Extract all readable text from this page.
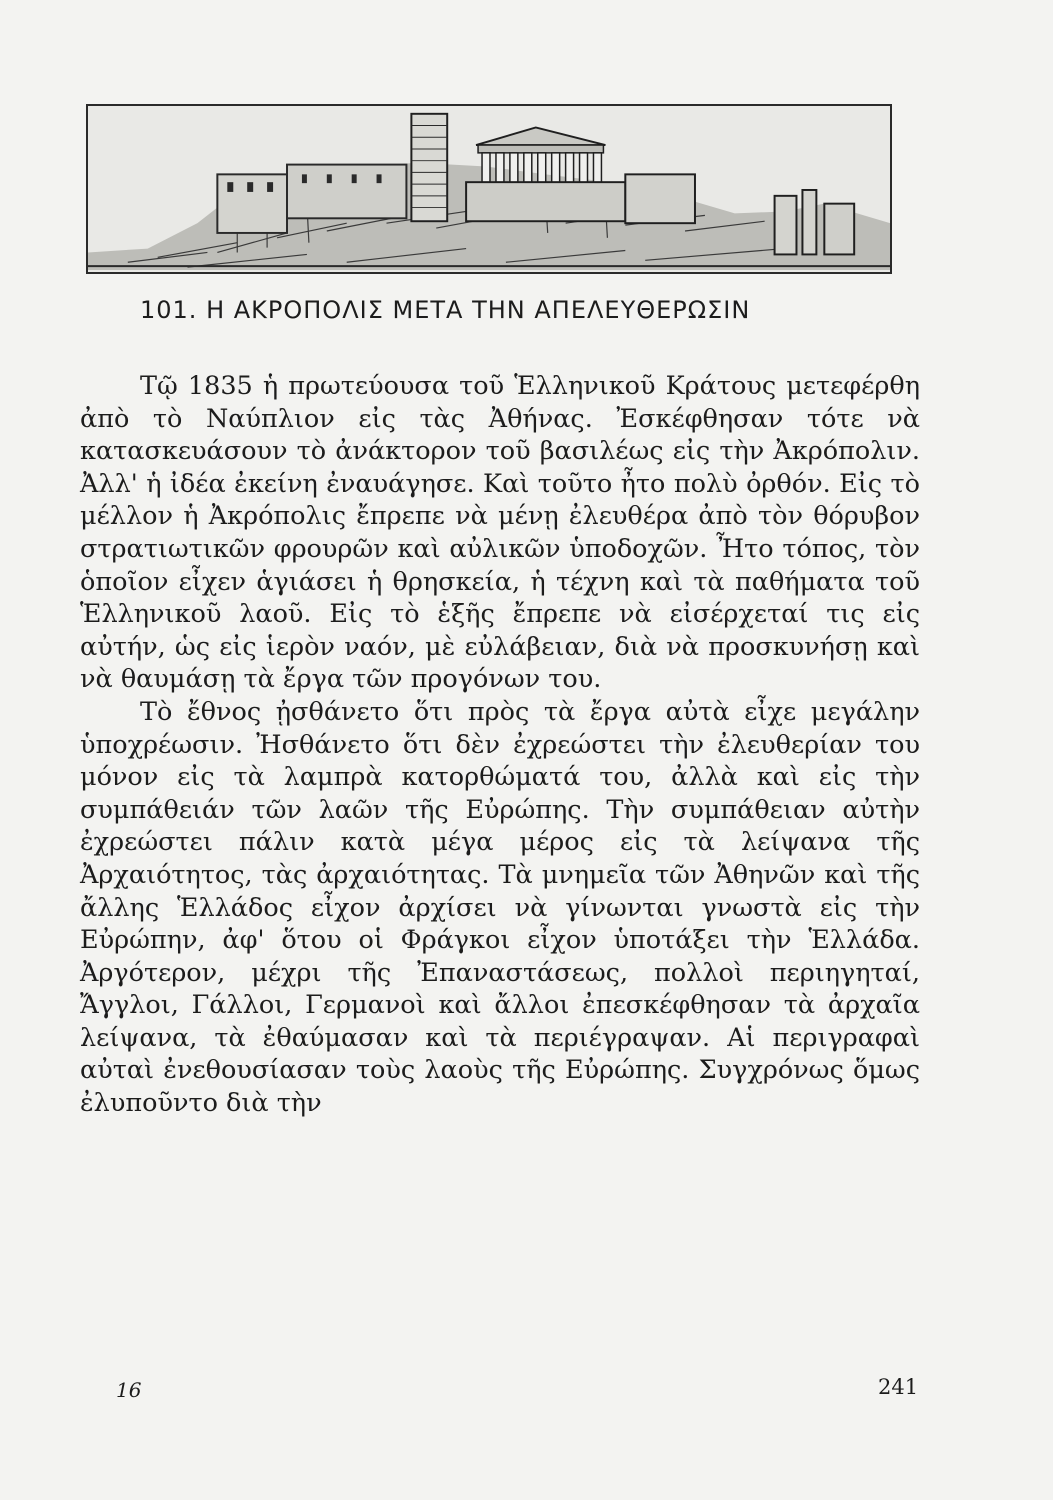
101. Η ΑΚΡΟΠΟΛΙΣ ΜΕΤΑ ΤΗΝ ΑΠΕΛΕΥΘΕΡΩΣΙΝ

Τῷ 1835 ἡ πρωτεύουσα τοῦ Ἑλληνικοῦ Κράτους μετεφέρθη ἀπὸ τὸ Ναύπλιον εἰς τὰς Ἀθήνας. Ἐσκέφθησαν τότε νὰ κατασκευάσουν τὸ ἀνάκτορον τοῦ βασιλέως εἰς τὴν Ἀκρόπολιν. Ἀλλ' ἡ ἰδέα ἐκείνη ἐναυάγησε. Καὶ τοῦτο ἦτο πολὺ ὀρθόν. Εἰς τὸ μέλλον ἡ Ἀκρόπολις ἔπρεπε νὰ μένῃ ἐλευθέρα ἀπὸ τὸν θόρυβον στρατιωτικῶν φρουρῶν καὶ αὐλικῶν ὑποδοχῶν. Ἦτο τόπος, τὸν ὁποῖον εἶχεν ἁγιάσει ἡ θρησκεία, ἡ τέχνη καὶ τὰ παθήματα τοῦ Ἑλληνικοῦ λαοῦ. Εἰς τὸ ἑξῆς ἔπρεπε νὰ εἰσέρχεταί τις εἰς αὐτήν, ὡς εἰς ἱερὸν ναόν, μὲ εὐλάβειαν, διὰ νὰ προσκυνήσῃ καὶ νὰ θαυμάσῃ τὰ ἔργα τῶν προγόνων του.

Τὸ ἔθνος ᾐσθάνετο ὅτι πρὸς τὰ ἔργα αὐτὰ εἶχε μεγάλην ὑποχρέωσιν. Ἠσθάνετο ὅτι δὲν ἐχρεώστει τὴν ἐλευθερίαν του μόνον εἰς τὰ λαμπρὰ κατορθώματά του, ἀλλὰ καὶ εἰς τὴν συμπάθειάν τῶν λαῶν τῆς Εὐρώπης. Τὴν συμπάθειαν αὐτὴν ἐχρεώστει πάλιν κατὰ μέγα μέρος εἰς τὰ λείψανα τῆς Ἀρχαιότητος, τὰς ἀρχαιότητας. Τὰ μνημεῖα τῶν Ἀθηνῶν καὶ τῆς ἄλλης Ἑλλάδος εἶχον ἀρχίσει νὰ γίνωνται γνωστὰ εἰς τὴν Εὐρώπην, ἀφ' ὅτου οἱ Φράγκοι εἶχον ὑποτάξει τὴν Ἑλλάδα. Ἀργότερον, μέχρι τῆς Ἐπαναστάσεως, πολλοὶ περιηγηταί, Ἄγγλοι, Γάλλοι, Γερμανοὶ καὶ ἄλλοι ἐπεσκέφθησαν τὰ ἀρχαῖα λείψανα, τὰ ἐθαύμασαν καὶ τὰ περιέγραψαν. Αἱ περιγραφαὶ αὐταὶ ἐνεθουσίασαν τοὺς λαοὺς τῆς Εὐρώπης. Συγχρόνως ὅμως ἐλυποῦντο διὰ τὴν

16	241
